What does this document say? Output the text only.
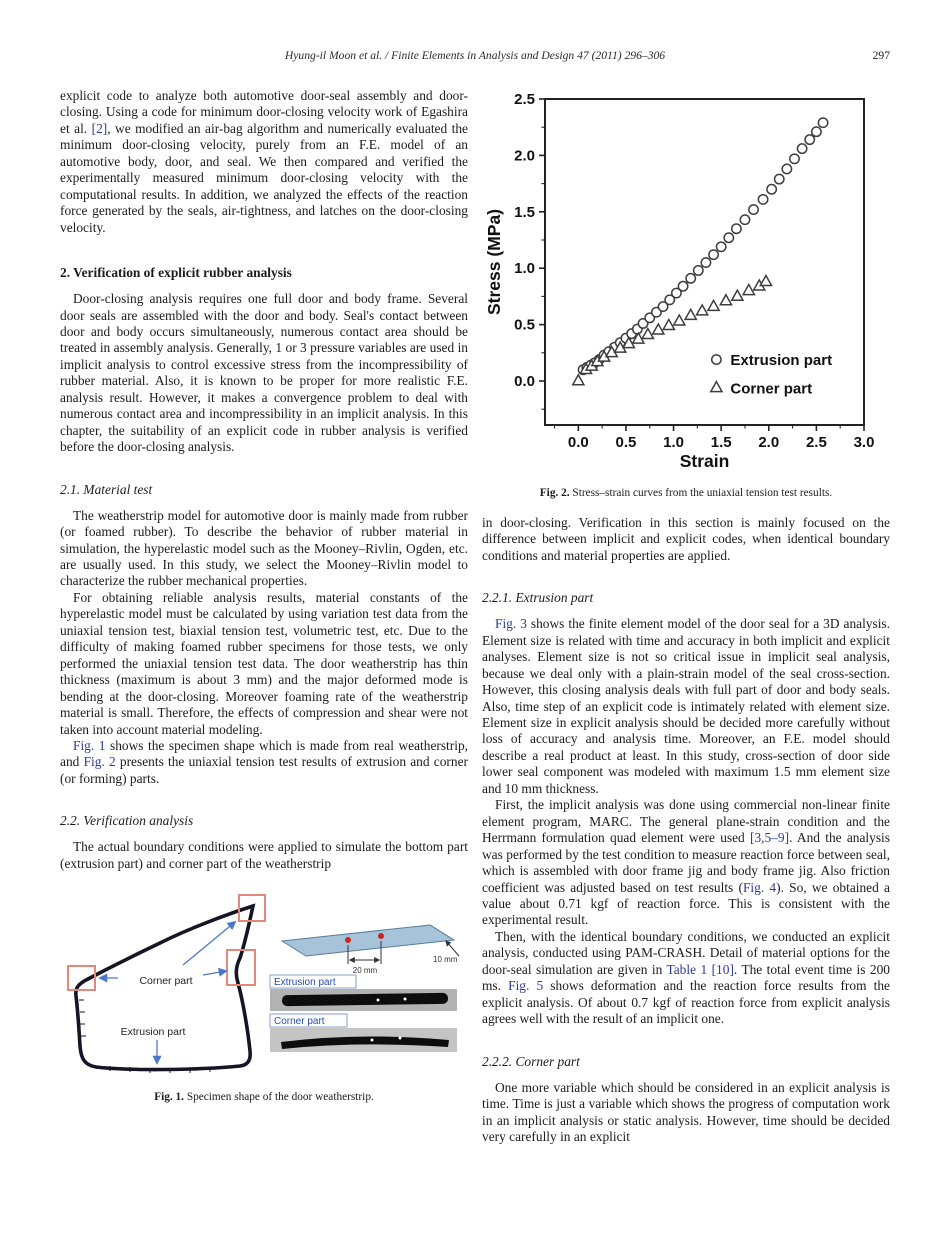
Hyung-il Moon et al. / Finite Elements in Analysis and Design 47 (2011) 296–306	297

explicit code to analyze both automotive door-seal assembly and door-closing. Using a code for minimum door-closing velocity work of Egashira et al. [2], we modified an air-bag algorithm and numerically evaluated the minimum door-closing velocity, purely from an F.E. model of an automotive body, door, and seal. We then compared and verified the experimentally measured minimum door-closing velocity with the computational results. In addition, we analyzed the effects of the reaction force generated by the seals, air-tightness, and latches on the door-closing velocity.

2. Verification of explicit rubber analysis

Door-closing analysis requires one full door and body frame. Several door seals are assembled with the door and body. Seal's contact between door and body occurs simultaneously, numerous contact area should be treated in assembly analysis. Generally, 1 or 3 pressure variables are used in implicit analysis to control excessive stress from the incompressibility of rubber material. Also, it is known to be proper for more realistic F.E. analysis result. However, it makes a convergence problem to deal with numerous contact area and incompressibility in an implicit analysis. In this chapter, the suitability of an explicit code in rubber analysis is verified before the door-closing analysis.

2.1. Material test

The weatherstrip model for automotive door is mainly made from rubber (or foamed rubber). To describe the behavior of rubber material in simulation, the hyperelastic model such as the Mooney–Rivlin, Ogden, etc. are usually used. In this study, we select the Mooney–Rivlin model to characterize the rubber mechanical properties.

For obtaining reliable analysis results, material constants of the hyperelastic model must be calculated by using variation test data from the uniaxial tension test, biaxial tension test, volumetric test, etc. Due to the difficulty of making foamed rubber specimens for those tests, we only performed the uniaxial tension test data. The door weatherstrip has thin thickness (maximum is about 3 mm) and the major deformed mode is bending at the door-closing. Moreover foaming rate of the weatherstrip material is small. Therefore, the effects of compression and shear were not taken into account material modeling.

Fig. 1 shows the specimen shape which is made from real weatherstrip, and Fig. 2 presents the uniaxial tension test results of extrusion and corner (or forming) parts.

2.2. Verification analysis

The actual boundary conditions were applied to simulate the bottom part (extrusion part) and corner part of the weatherstrip

Corner part
Extrusion part
20 mm
10 mm
Extrusion part
Corner part
Fig. 1. Specimen shape of the door weatherstrip.
0.0 0.5 1.0 1.5 2.0 2.5 3.0
0.0
0.5
1.0
1.5
2.0
2.5
Strain
Stress (MPa)
Extrusion part
Corner part
Fig. 2. Stress–strain curves from the uniaxial tension test results.

in door-closing. Verification in this section is mainly focused on the difference between implicit and explicit codes, when identical boundary conditions and material properties are applied.

2.2.1. Extrusion part

Fig. 3 shows the finite element model of the door seal for a 3D analysis. Element size is related with time and accuracy in both implicit and explicit analyses. Element size is not so critical issue in implicit seal analysis, because we deal only with a plain-strain model of the seal cross-section. However, this closing analysis deals with full part of door and body seals. Also, time step of an explicit code is intimately related with element size. Element size in explicit analysis should be decided more carefully without loss of accuracy and analysis time. Moreover, an F.E. model should describe a real product at least. In this study, cross-section of door side lower seal component was modeled with maximum 1.5 mm element size and 10 mm thickness.

First, the implicit analysis was done using commercial non-linear finite element program, MARC. The general plane-strain condition and the Herrmann formulation quad element were used [3,5–9]. And the analysis was performed by the test condition to measure reaction force between seal, which is assembled with door frame jig and body frame jig. Also friction coefficient was adjusted based on test results (Fig. 4). So, we obtained a value about 0.71 kgf of reaction force. This is consistent with the experimental result.

Then, with the identical boundary conditions, we conducted an explicit analysis, conducted using PAM-CRASH. Detail of material options for the door-seal simulation are given in Table 1 [10]. The total event time is 200 ms. Fig. 5 shows deformation and the reaction force results from the explicit analysis. Of about 0.7 kgf of reaction force from explicit analysis agrees well with the result of an implicit one.

2.2.2. Corner part

One more variable which should be considered in an explicit analysis is time. Time is just a variable which shows the progress of computation work in an implicit analysis or static analysis. However, time should be decided very carefully in an explicit
